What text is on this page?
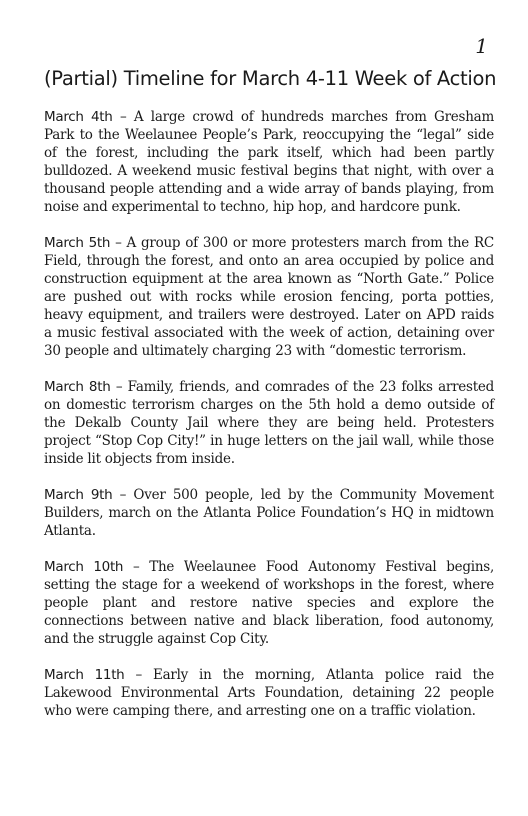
1
(Partial) Timeline for March 4-11 Week of Action

March 4th – A large crowd of hundreds marches from Gresham Park to the Weelaunee People’s Park, reoccupying the “legal” side of the forest, including the park itself, which had been partly bulldozed. A weekend music festival begins that night, with over a thousand people attending and a wide array of bands playing, from noise and experimental to techno, hip hop, and hardcore punk.

March 5th – A group of 300 or more protesters march from the RC Field, through the forest, and onto an area occupied by police and construction equipment at the area known as “North Gate.” Police are pushed out with rocks while erosion fencing, porta potties, heavy equipment, and trailers were destroyed. Later on APD raids a music festival associated with the week of action, detaining over 30 people and ultimately charging 23 with “domestic terrorism.

March 8th – Family, friends, and comrades of the 23 folks arrested on domestic terrorism charges on the 5th hold a demo outside of the Dekalb County Jail where they are being held. Protesters project “Stop Cop City!” in huge letters on the jail wall, while those inside lit objects from inside.

March 9th – Over 500 people, led by the Community Movement Builders, march on the Atlanta Police Foundation’s HQ in midtown Atlanta.

March 10th – The Weelaunee Food Autonomy Festival begins, setting the stage for a weekend of workshops in the forest, where people plant and restore native species and explore the connections between native and black liberation, food autonomy, and the struggle against Cop City.

March 11th – Early in the morning, Atlanta police raid the Lakewood Environmental Arts Foundation, detaining 22 people who were camping there, and arresting one on a traffic violation.
